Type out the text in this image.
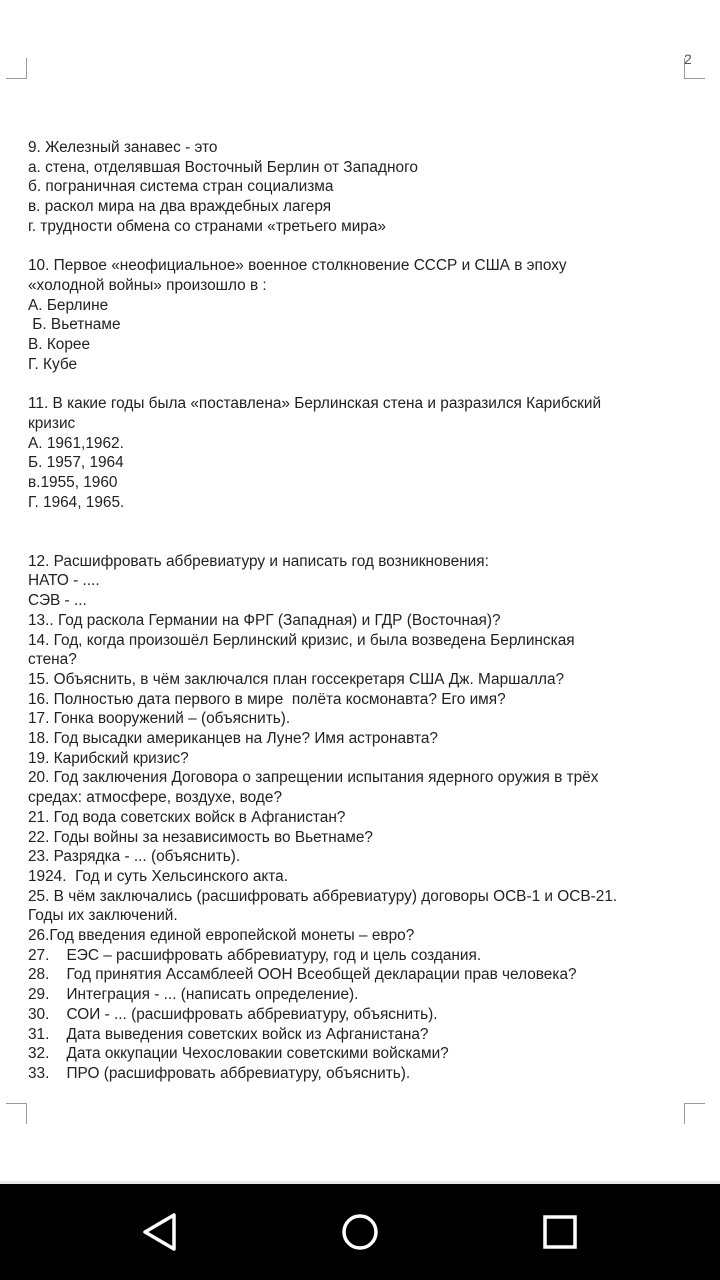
2
9. Железный занавес - это
а. стена, отделявшая Восточный Берлин от Западного
б. пограничная система стран социализма
в. раскол мира на два враждебных лагеря
г. трудности обмена со странами «третьего мира»
10. Первое «неофициальное» военное столкновение СССР и США в эпоху
«холодной войны» произошло в :
А. Берлине
Б. Вьетнаме
В. Корее
Г. Кубе
11. В какие годы была «поставлена» Берлинская стена и разразился Карибский
кризис
А. 1961,1962.
Б. 1957, 1964
в.1955, 1960
Г. 1964, 1965.
12. Расшифровать аббревиатуру и написать год возникновения:
НАТО - ....
СЭВ - ...
13.. Год раскола Германии на ФРГ (Западная) и ГДР (Восточная)?
14. Год, когда произошёл Берлинский кризис, и была возведена Берлинская
стена?
15. Объяснить, в чём заключался план госсекретаря США Дж. Маршалла?
16. Полностью дата первого в мире  полёта космонавта? Его имя?
17. Гонка вооружений – (объяснить).
18. Год высадки американцев на Луне? Имя астронавта?
19. Карибский кризис?
20. Год заключения Договора о запрещении испытания ядерного оружия в трёх
средах: атмосфере, воздухе, воде?
21. Год вода советских войск в Афганистан?
22. Годы войны за независимость во Вьетнаме?
23. Разрядка - ... (объяснить).
1924.  Год и суть Хельсинского акта.
25. В чём заключались (расшифровать аббревиатуру) договоры ОСВ-1 и ОСВ-21.
Годы их заключений.
26.Год введения единой европейской монеты – евро?
27.    ЕЭС – расшифровать аббревиатуру, год и цель создания.
28.    Год принятия Ассамблеей ООН Всеобщей декларации прав человека?
29.    Интеграция - ... (написать определение).
30.    СОИ - ... (расшифровать аббревиатуру, объяснить).
31.    Дата выведения советских войск из Афганистана?
32.    Дата оккупации Чехословакии советскими войсками?
33.    ПРО (расшифровать аббревиатуру, объяснить).
